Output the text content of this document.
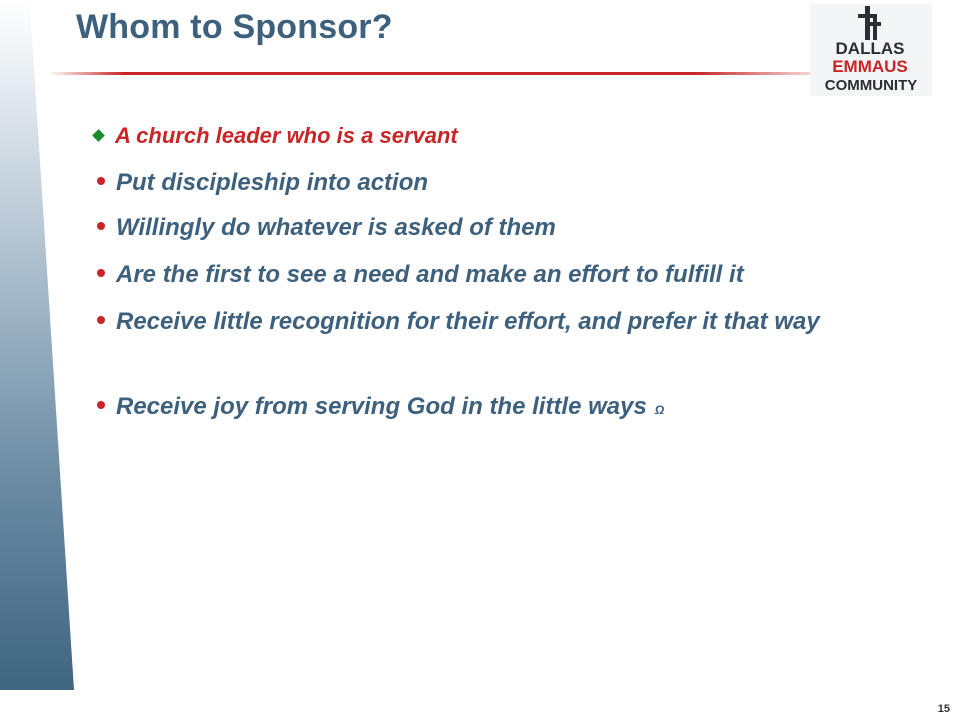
Whom to Sponsor?
DALLAS
EMMAUS
COMMUNITY
A church leader who is a servant
Put discipleship into action
Willingly do whatever is asked of them
Are the first to see a need and make an effort to fulfill it
Receive little recognition for their effort, and prefer it that way
Receive joy from serving God in the little ways Ω
15
